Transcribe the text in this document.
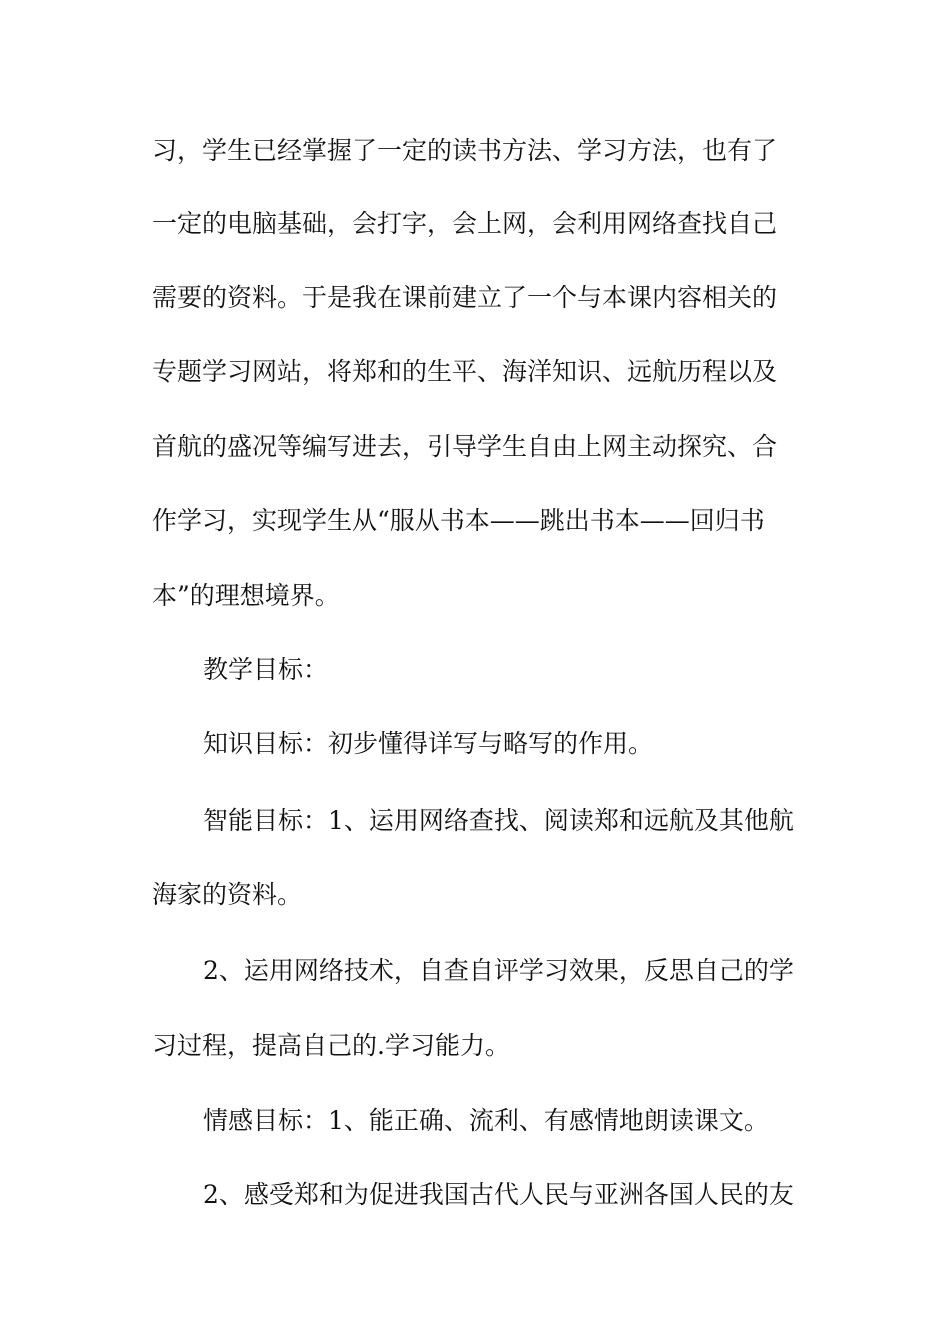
习，学生已经掌握了一定的读书方法、学习方法，也有了

一定的电脑基础，会打字，会上网，会利用网络查找自己

需要的资料。于是我在课前建立了一个与本课内容相关的

专题学习网站，将郑和的生平、海洋知识、远航历程以及

首航的盛况等编写进去，引导学生自由上网主动探究、合

作学习，实现学生从“服从书本——跳出书本——回归书

本”的理想境界。

教学目标：

知识目标：初步懂得详写与略写的作用。

智能目标：1、运用网络查找、阅读郑和远航及其他航

海家的资料。

2、运用网络技术，自查自评学习效果，反思自己的学

习过程，提高自己的.学习能力。

情感目标：1、能正确、流利、有感情地朗读课文。

2、感受郑和为促进我国古代人民与亚洲各国人民的友
